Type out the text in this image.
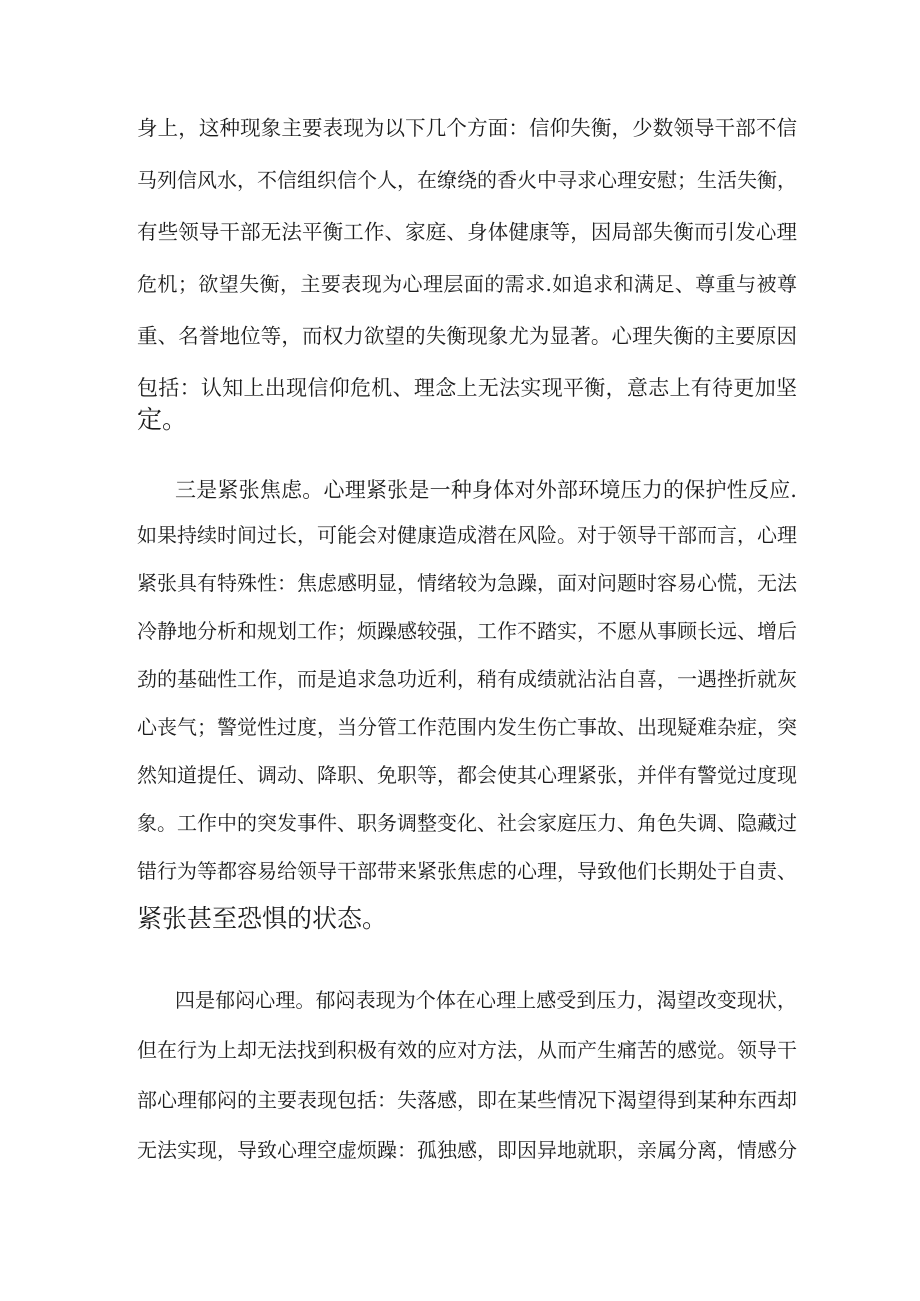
身上，这种现象主要表现为以下几个方面：信仰失衡，少数领导干部不信
马列信风水，不信组织信个人，在缭绕的香火中寻求心理安慰；生活失衡，
有些领导干部无法平衡工作、家庭、身体健康等，因局部失衡而引发心理
危机；欲望失衡，主要表现为心理层面的需求.如追求和满足、尊重与被尊
重、名誉地位等，而权力欲望的失衡现象尤为显著。心理失衡的主要原因
包括：认知上出现信仰危机、理念上无法实现平衡，意志上有待更加坚
定。
三是紧张焦虑。心理紧张是一种身体对外部环境压力的保护性反应.
如果持续时间过长，可能会对健康造成潜在风险。对于领导干部而言，心理
紧张具有特殊性：焦虑感明显，情绪较为急躁，面对问题时容易心慌，无法
冷静地分析和规划工作；烦躁感较强，工作不踏实，不愿从事顾长远、增后
劲的基础性工作，而是追求急功近利，稍有成绩就沾沾自喜，一遇挫折就灰
心丧气；警觉性过度，当分管工作范围内发生伤亡事故、出现疑难杂症，突
然知道提任、调动、降职、免职等，都会使其心理紧张，并伴有警觉过度现
象。工作中的突发事件、职务调整变化、社会家庭压力、角色失调、隐藏过
错行为等都容易给领导干部带来紧张焦虑的心理，导致他们长期处于自责、
紧张甚至恐惧的状态。
四是郁闷心理。郁闷表现为个体在心理上感受到压力，渴望改变现状，
但在行为上却无法找到积极有效的应对方法，从而产生痛苦的感觉。领导干
部心理郁闷的主要表现包括：失落感，即在某些情况下渴望得到某种东西却
无法实现，导致心理空虚烦躁：孤独感，即因异地就职，亲属分离，情感分
